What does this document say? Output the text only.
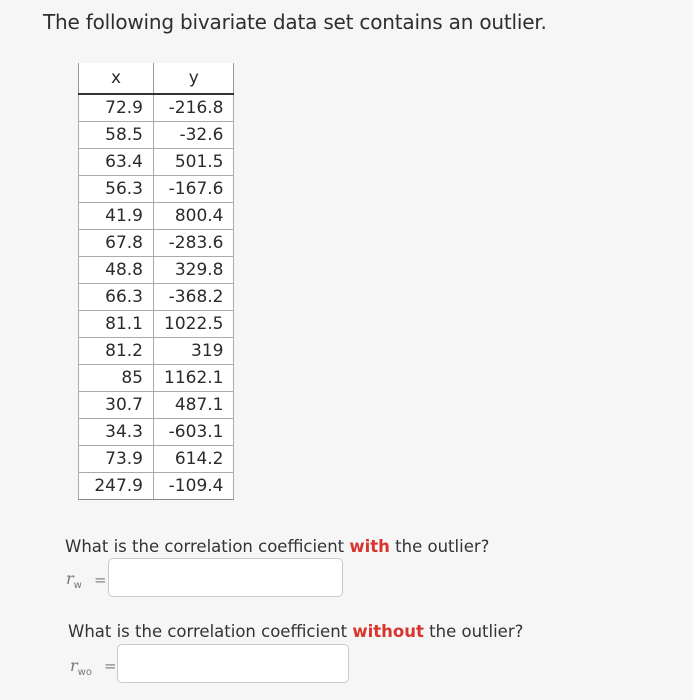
The following bivariate data set contains an outlier.
x	y
72.9	-216.8
58.5	-32.6
63.4	501.5
56.3	-167.6
41.9	800.4
67.8	-283.6
48.8	329.8
66.3	-368.2
81.1	1022.5
81.2	319
85	1162.1
30.7	487.1
34.3	-603.1
73.9	614.2
247.9	-109.4
What is the correlation coefficient with the outlier?
$r_w$ =
What is the correlation coefficient without the outlier?
$r_{wo}$ =
